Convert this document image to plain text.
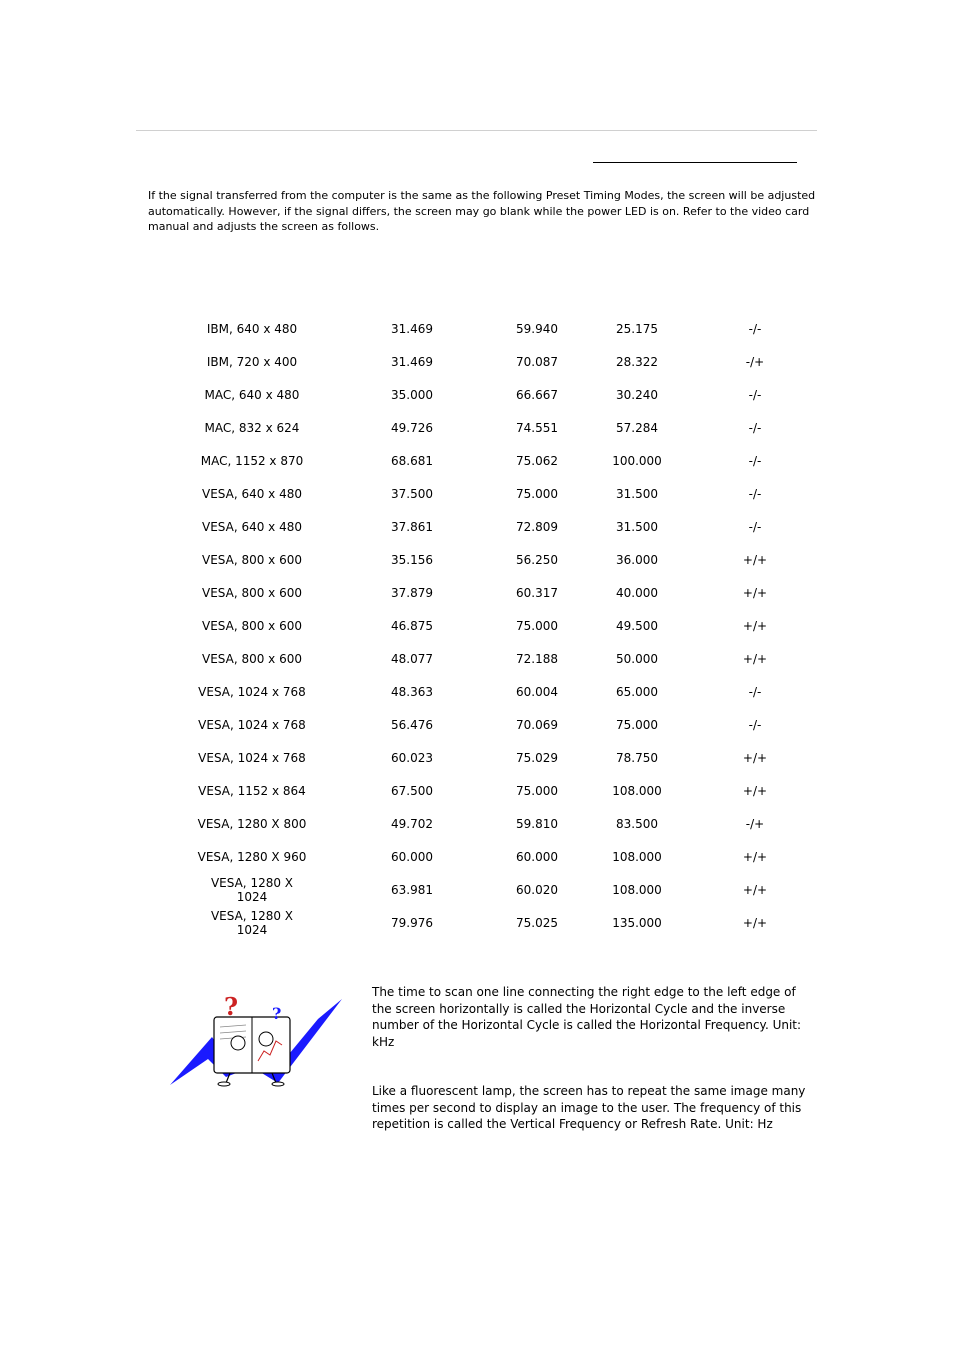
If the signal transferred from the computer is the same as the following Preset Timing Modes, the screen will be adjusted automatically. However, if the signal differs, the screen may go blank while the power LED is on. Refer to the video card manual and adjusts the screen as follows.

IBM, 640 x 480	31.469	59.940	25.175	-/-
IBM, 720 x 400	31.469	70.087	28.322	-/+
MAC, 640 x 480	35.000	66.667	30.240	-/-
MAC, 832 x 624	49.726	74.551	57.284	-/-
MAC, 1152 x 870	68.681	75.062	100.000	-/-
VESA, 640 x 480	37.500	75.000	31.500	-/-
VESA, 640 x 480	37.861	72.809	31.500	-/-
VESA, 800 x 600	35.156	56.250	36.000	+/+
VESA, 800 x 600	37.879	60.317	40.000	+/+
VESA, 800 x 600	46.875	75.000	49.500	+/+
VESA, 800 x 600	48.077	72.188	50.000	+/+
VESA, 1024 x 768	48.363	60.004	65.000	-/-
VESA, 1024 x 768	56.476	70.069	75.000	-/-
VESA, 1024 x 768	60.023	75.029	78.750	+/+
VESA, 1152 x 864	67.500	75.000	108.000	+/+
VESA, 1280 X 800	49.702	59.810	83.500	-/+
VESA, 1280 X 960	60.000	60.000	108.000	+/+
VESA, 1280 X 1024	63.981	60.020	108.000	+/+
VESA, 1280 X 1024	79.976	75.025	135.000	+/+
? ?

The time to scan one line connecting the right edge to the left edge of the screen horizontally is called the Horizontal Cycle and the inverse number of the Horizontal Cycle is called the Horizontal Frequency. Unit: kHz

Like a fluorescent lamp, the screen has to repeat the same image many times per second to display an image to the user. The frequency of this repetition is called the Vertical Frequency or Refresh Rate. Unit: Hz
